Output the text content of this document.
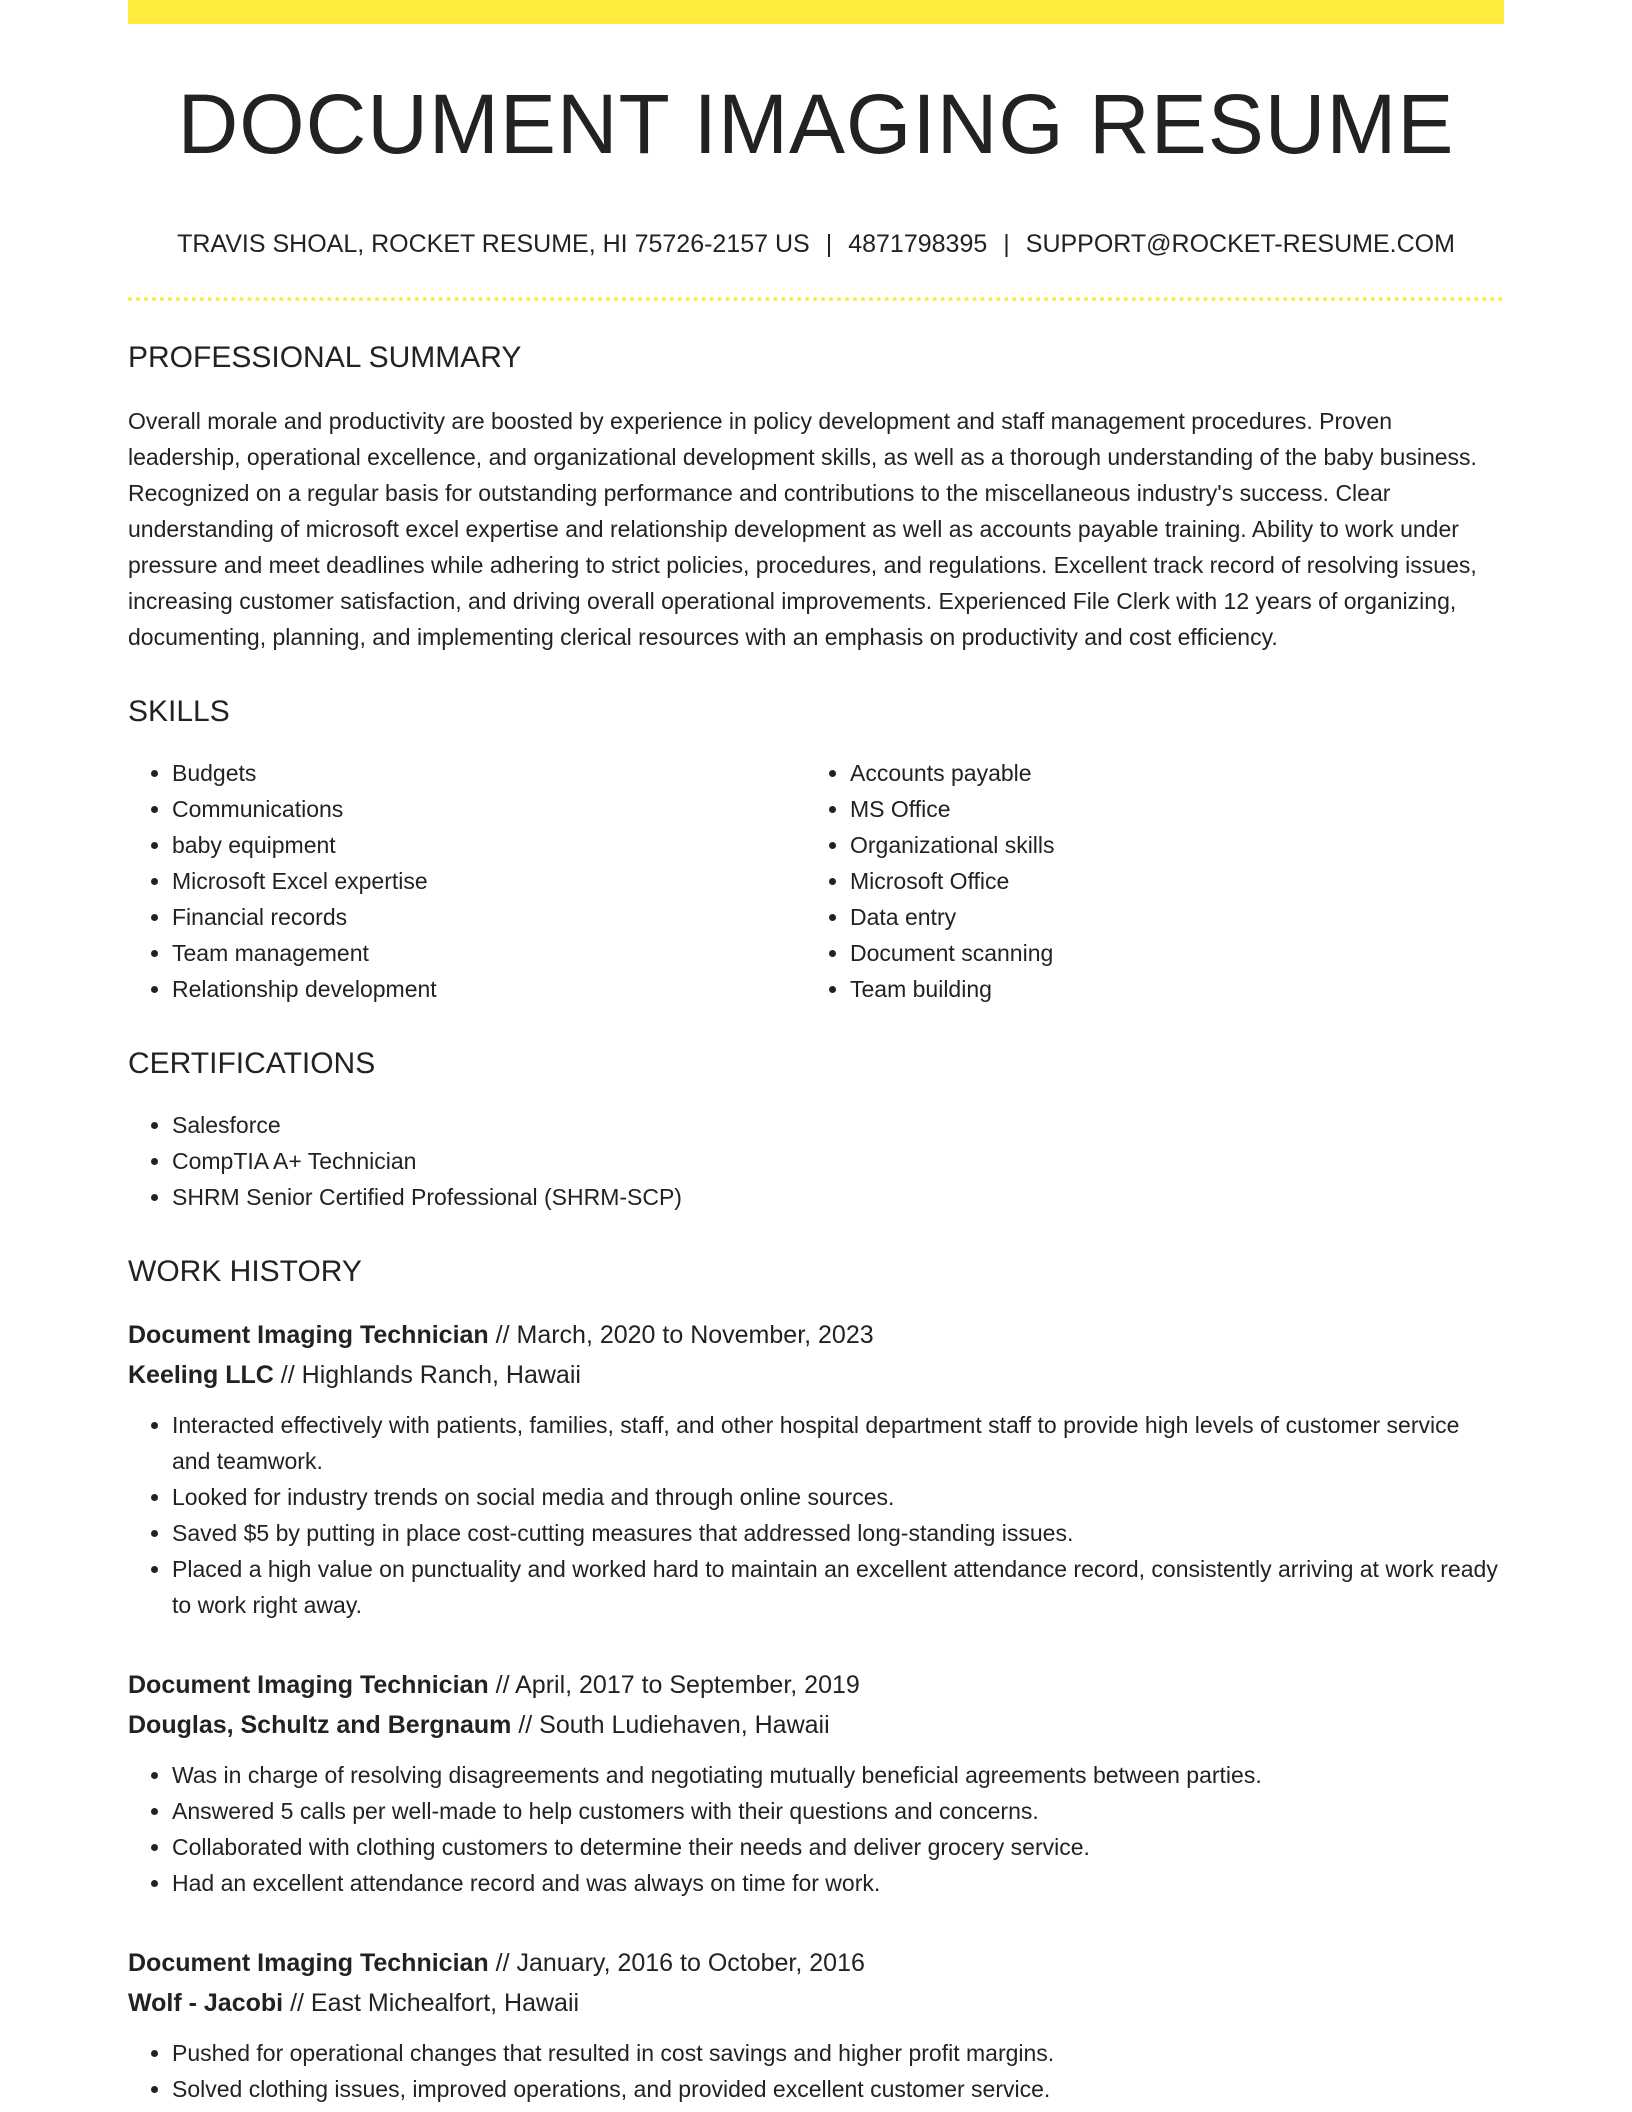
DOCUMENT IMAGING RESUME
TRAVIS SHOAL, ROCKET RESUME, HI 75726-2157 US | 4871798395 | SUPPORT@ROCKET-RESUME.COM
PROFESSIONAL SUMMARY

Overall morale and productivity are boosted by experience in policy development and staff management procedures. Proven leadership, operational excellence, and organizational development skills, as well as a thorough understanding of the baby business. Recognized on a regular basis for outstanding performance and contributions to the miscellaneous industry's success. Clear understanding of microsoft excel expertise and relationship development as well as accounts payable training. Ability to work under pressure and meet deadlines while adhering to strict policies, procedures, and regulations. Excellent track record of resolving issues, increasing customer satisfaction, and driving overall operational improvements. Experienced File Clerk with 12 years of organizing, documenting, planning, and implementing clerical resources with an emphasis on productivity and cost efficiency.

SKILLS
• Budgets
• Communications
• baby equipment
• Microsoft Excel expertise
• Financial records
• Team management
• Relationship development
• Accounts payable
• MS Office
• Organizational skills
• Microsoft Office
• Data entry
• Document scanning
• Team building
CERTIFICATIONS
• Salesforce
• CompTIA A+ Technician
• SHRM Senior Certified Professional (SHRM-SCP)
WORK HISTORY
Document Imaging Technician // March, 2020 to November, 2023
Keeling LLC // Highlands Ranch, Hawaii
• Interacted effectively with patients, families, staff, and other hospital department staff to provide high levels of customer service and teamwork.
• Looked for industry trends on social media and through online sources.
• Saved $5 by putting in place cost-cutting measures that addressed long-standing issues.
• Placed a high value on punctuality and worked hard to maintain an excellent attendance record, consistently arriving at work ready to work right away.
Document Imaging Technician // April, 2017 to September, 2019
Douglas, Schultz and Bergnaum // South Ludiehaven, Hawaii
• Was in charge of resolving disagreements and negotiating mutually beneficial agreements between parties.
• Answered 5 calls per well-made to help customers with their questions and concerns.
• Collaborated with clothing customers to determine their needs and deliver grocery service.
• Had an excellent attendance record and was always on time for work.
Document Imaging Technician // January, 2016 to October, 2016
Wolf - Jacobi // East Michealfort, Hawaii
• Pushed for operational changes that resulted in cost savings and higher profit margins.
• Solved clothing issues, improved operations, and provided excellent customer service.
